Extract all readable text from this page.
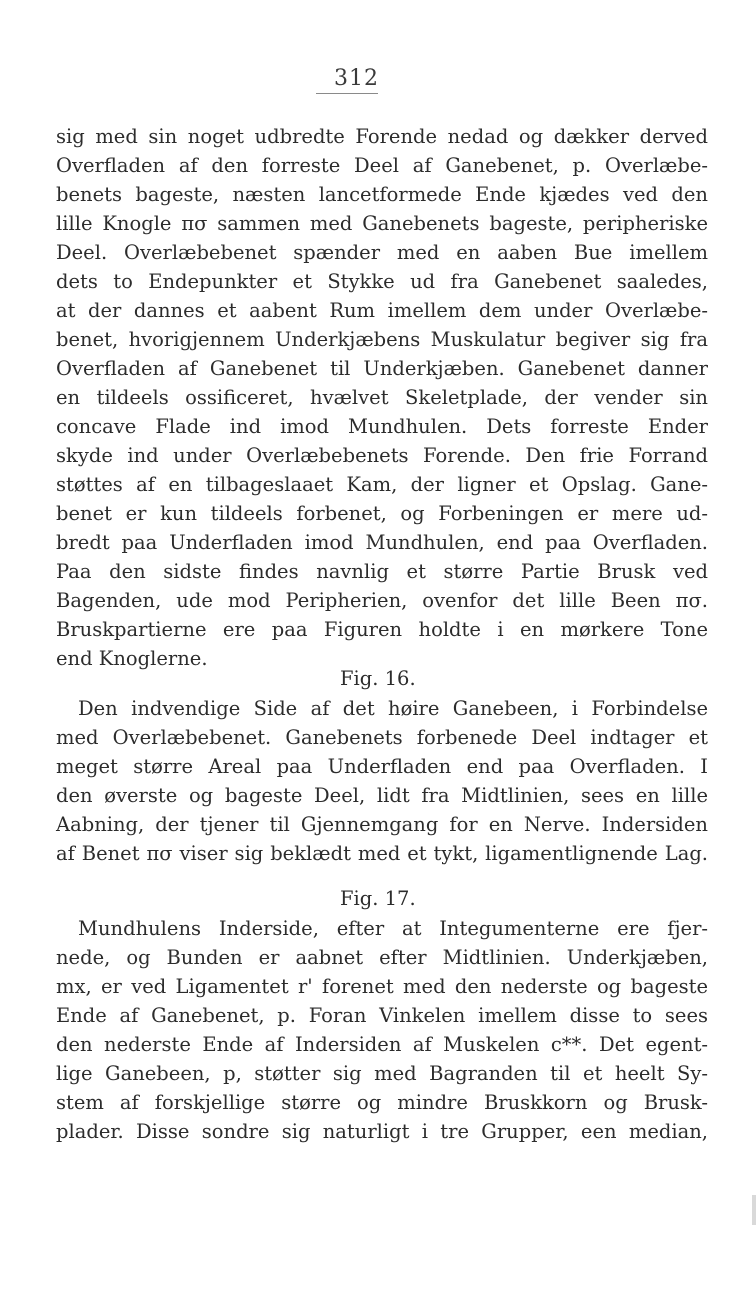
312
sig med sin noget udbredte Forende nedad og dækker derved
Overfladen af den forreste Deel af Ganebenet, p. Overlæbe-
benets bageste, næsten lancetformede Ende kjædes ved den
lille Knogle πσ sammen med Ganebenets bageste, peripheriske
Deel. Overlæbebenet spænder med en aaben Bue imellem
dets to Endepunkter et Stykke ud fra Ganebenet saaledes,
at der dannes et aabent Rum imellem dem under Overlæbe-
benet, hvorigjennem Underkjæbens Muskulatur begiver sig fra
Overfladen af Ganebenet til Underkjæben. Ganebenet danner
en tildeels ossificeret, hvælvet Skeletplade, der vender sin
concave Flade ind imod Mundhulen. Dets forreste Ender
skyde ind under Overlæbebenets Forende. Den frie Forrand
støttes af en tilbageslaaet Kam, der ligner et Opslag. Gane-
benet er kun tildeels forbenet, og Forbeningen er mere ud-
bredt paa Underfladen imod Mundhulen, end paa Overfladen.
Paa den sidste findes navnlig et større Partie Brusk ved
Bagenden, ude mod Peripherien, ovenfor det lille Been πσ.
Bruskpartierne ere paa Figuren holdte i en mørkere Tone
end Knoglerne.
Fig. 16.
Den indvendige Side af det høire Ganebeen, i Forbindelse
med Overlæbebenet. Ganebenets forbenede Deel indtager et
meget større Areal paa Underfladen end paa Overfladen. I
den øverste og bageste Deel, lidt fra Midtlinien, sees en lille
Aabning, der tjener til Gjennemgang for en Nerve. Indersiden
af Benet πσ viser sig beklædt med et tykt, ligamentlignende Lag.
Fig. 17.
Mundhulens Inderside, efter at Integumenterne ere fjer-
nede, og Bunden er aabnet efter Midtlinien. Underkjæben,
mx, er ved Ligamentet r' forenet med den nederste og bageste
Ende af Ganebenet, p. Foran Vinkelen imellem disse to sees
den nederste Ende af Indersiden af Muskelen c**. Det egent-
lige Ganebeen, p, støtter sig med Bagranden til et heelt Sy-
stem af forskjellige større og mindre Bruskkorn og Brusk-
plader. Disse sondre sig naturligt i tre Grupper, een median,
